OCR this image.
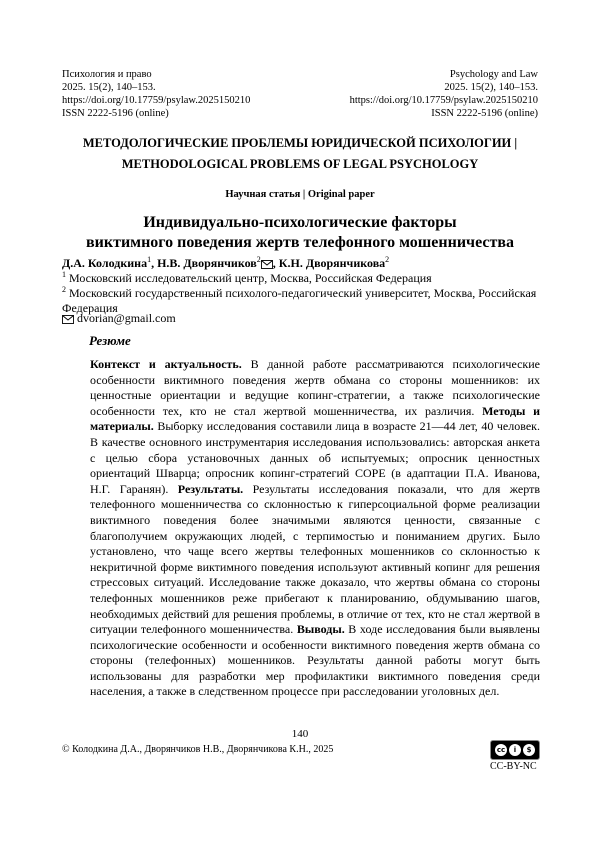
Психология и право
2025. 15(2), 140–153.
https://doi.org/10.17759/psylaw.2025150210
ISSN 2222-5196 (online)
Psychology and Law
2025. 15(2), 140–153.
https://doi.org/10.17759/psylaw.2025150210
ISSN 2222-5196 (online)
МЕТОДОЛОГИЧЕСКИЕ ПРОБЛЕМЫ ЮРИДИЧЕСКОЙ ПСИХОЛОГИИ |
METHODOLOGICAL PROBLEMS OF LEGAL PSYCHOLOGY
Научная статья | Original paper
Индивидуально-психологические факторы
виктимного поведения жертв телефонного мошенничества
Д.А. Колодкина$^1$, Н.В. Дворянчиков$^2$ , К.Н. Дворянчикова$^2$
$^1$ Московский исследовательский центр, Москва, Российская Федерация
$^2$ Московский государственный психолого-педагогический университет, Москва, Российская Федерация
dvorian@gmail.com
Резюме
Контекст и актуальность. В данной работе рассматриваются психологические особенности виктимного поведения жертв обмана со стороны мошенников: их ценностные ориентации и ведущие копинг-стратегии, а также психологические особенности тех, кто не стал жертвой мошенничества, их различия. Методы и материалы. Выборку исследования составили лица в возрасте 21—44 лет, 40 человек. В качестве основного инструментария исследования использовались: авторская анкета с целью сбора установочных данных об испытуемых; опросник ценностных ориентаций Шварца; опросник копинг-стратегий COPE (в адаптации П.А. Иванова, Н.Г. Гаранян). Результаты. Результаты исследования показали, что для жертв телефонного мошенничества со склонностью к гиперсоциальной форме реализации виктимного поведения более значимыми являются ценности, связанные с благополучием окружающих людей, с терпимостью и пониманием других. Было установлено, что чаще всего жертвы телефонных мошенников со склонностью к некритичной форме виктимного поведения используют активный копинг для решения стрессовых ситуаций. Исследование также доказало, что жертвы обмана со стороны телефонных мошенников реже прибегают к планированию, обдумыванию шагов, необходимых действий для решения проблемы, в отличие от тех, кто не стал жертвой в ситуации телефонного мошенничества. Выводы. В ходе исследования были выявлены психологические особенности и особенности виктимного поведения жертв обмана со стороны (телефонных) мошенников. Результаты данной работы могут быть использованы для разработки мер профилактики виктимного поведения среди населения, а также в следственном процессе при расследовании уголовных дел.
140
© Колодкина Д.А., Дворянчиков Н.В., Дворянчикова К.Н., 2025	cc	i	$
CC-BY-NC
